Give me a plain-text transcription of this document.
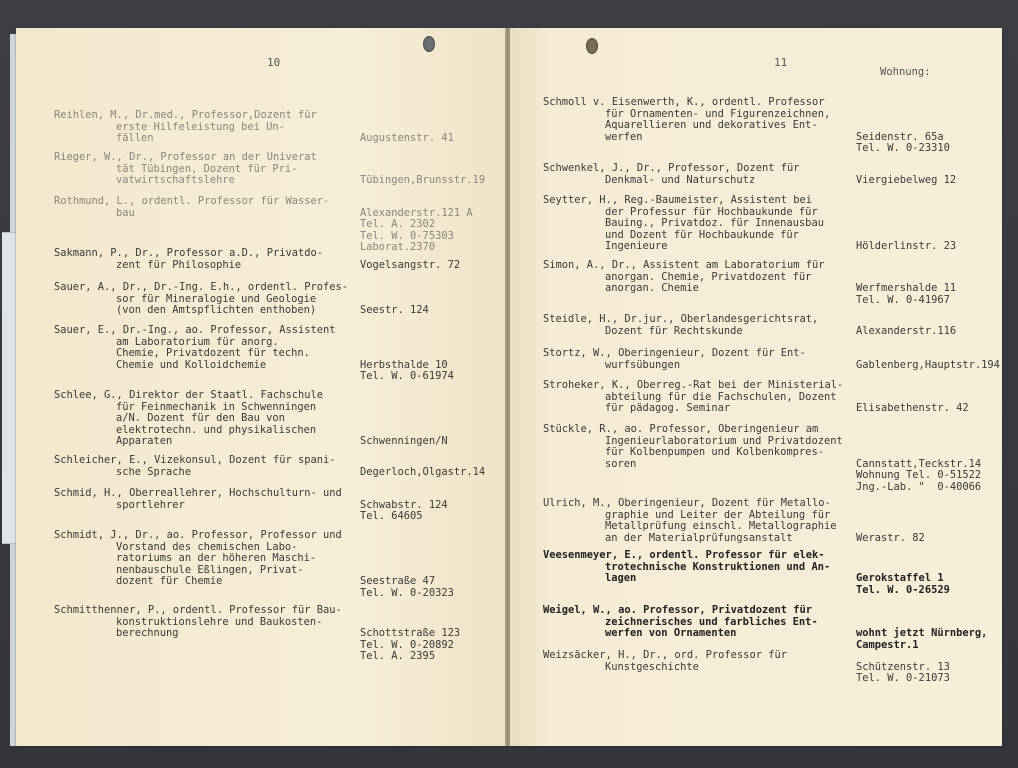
10	11
Wohnung:
Reihlen, M., Dr.med., Professor,Dozent für
erste Hilfeleistung bei Un-
fällen	Augustenstr. 41
Rieger, W., Dr., Professor an der Univerat
tät Tübingen, Dozent für Pri-
vatwirtschaftslehre	Tübingen,Brunsstr.19
Rothmund, L., ordentl. Professor für Wasser-
bau	Alexanderstr.121 A
Tel. A. 2302
Tel. W. 0-75303
Laborat.2370
Sakmann, P., Dr., Professor a.D., Privatdo-
zent für Philosophie	Vogelsangstr. 72
Sauer, A., Dr., Dr.-Ing. E.h., ordentl. Profes-
sor für Mineralogie und Geologie
(von den Amtspflichten enthoben)	Seestr. 124
Sauer, E., Dr.-Ing., ao. Professor, Assistent
am Laboratorium für anorg.
Chemie, Privatdozent für techn.
Chemie und Kolloidchemie	Herbsthalde 10
Tel. W. 0-61974
Schlee, G., Direktor der Staatl. Fachschule
für Feinmechanik in Schwenningen
a/N. Dozent für den Bau von
elektrotechn. und physikalischen
Apparaten	Schwenningen/N
Schleicher, E., Vizekonsul, Dozent für spani-
sche Sprache	Degerloch,Olgastr.14
Schmid, H., Oberreallehrer, Hochschulturn- und
sportlehrer	Schwabstr. 124
Tel. 64605
Schmidt, J., Dr., ao. Professor, Professor und
Vorstand des chemischen Labo-
ratoriums an der höheren Maschi-
nenbauschule Eßlingen, Privat-
dozent für Chemie	Seestraße 47
Tel. W. 0-20323
Schmitthenner, P., ordentl. Professor für Bau-
konstruktionslehre und Baukosten-
berechnung	Schottstraße 123
Tel. W. 0-20892
Tel. A. 2395
Schmoll v. Eisenwerth, K., ordentl. Professor
für Ornamenten- und Figurenzeichnen,
Aquarellieren und dekoratives Ent-
werfen	Seidenstr. 65a
Tel. W. 0-23310
Schwenkel, J., Dr., Professor, Dozent für
Denkmal- und Naturschutz	Viergiebelweg 12
Seytter, H., Reg.-Baumeister, Assistent bei
der Professur für Hochbaukunde für
Bauing., Privatdoz. für Innenausbau
und Dozent für Hochbaukunde für
Ingenieure	Hölderlinstr. 23
Simon, A., Dr., Assistent am Laboratorium für
anorgan. Chemie, Privatdozent für
anorgan. Chemie	Werfmershalde 11
Tel. W. 0-41967
Steidle, H., Dr.jur., Oberlandesgerichtsrat,
Dozent für Rechtskunde	Alexanderstr.116
Stortz, W., Oberingenieur, Dozent für Ent-
wurfsübungen	Gablenberg,Hauptstr.194
Stroheker, K., Oberreg.-Rat bei der Ministerial-
abteilung für die Fachschulen, Dozent
für pädagog. Seminar	Elisabethenstr. 42
Stückle, R., ao. Professor, Oberingenieur am
Ingenieurlaboratorium und Privatdozent
für Kolbenpumpen und Kolbenkompres-
soren	Cannstatt,Teckstr.14
Wohnung Tel. 0-51522
Jng.-Lab. "  0-40066
Ulrich, M., Oberingenieur, Dozent für Metallo-
graphie und Leiter der Abteilung für
Metallprüfung einschl. Metallographie
an der Materialprüfungsanstalt	Werastr. 82
Veesenmeyer, E., ordentl. Professor für elek-
trotechnische Konstruktionen und An-
lagen	Gerokstaffel 1
Tel. W. 0-26529
Weigel, W., ao. Professor, Privatdozent für
zeichnerisches und farbliches Ent-
werfen von Ornamenten	wohnt jetzt Nürnberg,
Campestr.1
Weizsäcker, H., Dr., ord. Professor für
Kunstgeschichte	Schützenstr. 13
Tel. W. 0-21073
